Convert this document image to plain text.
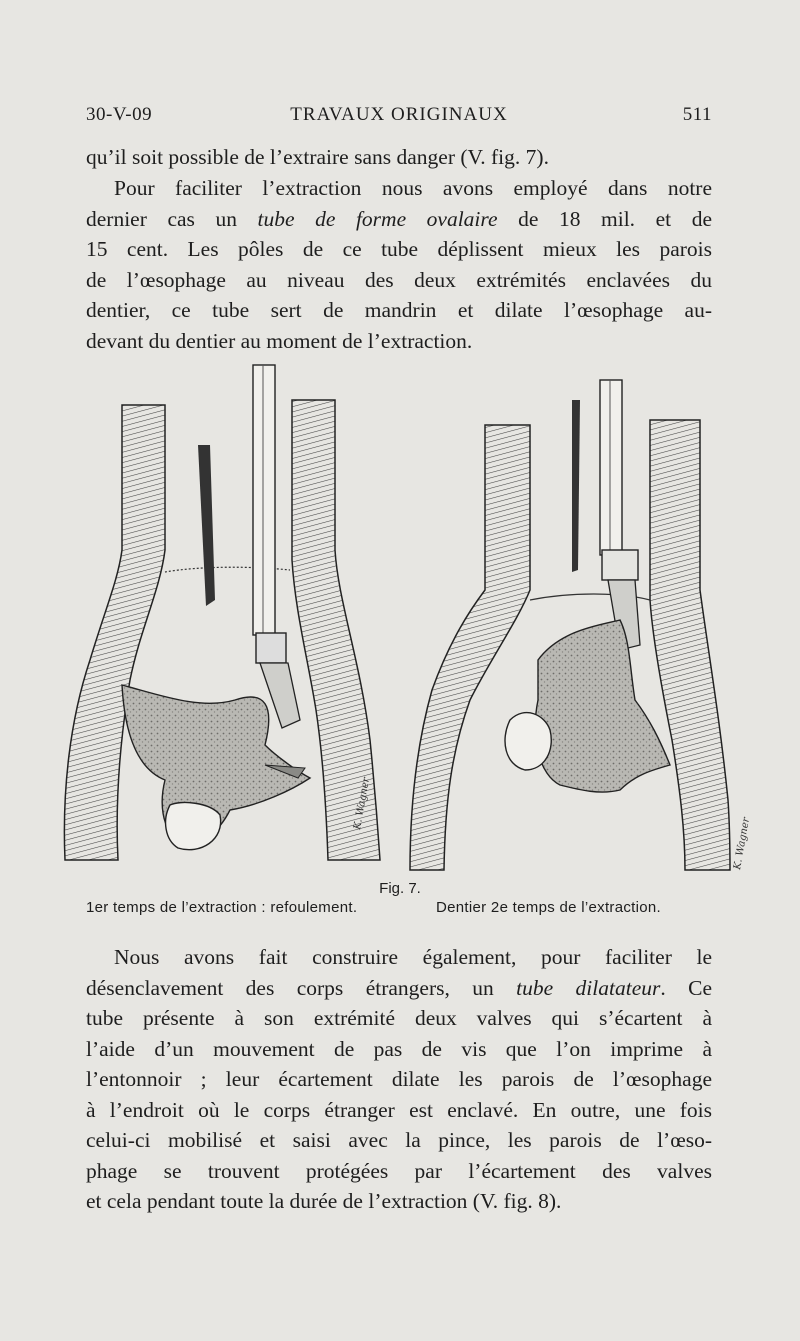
30-V-09	TRAVAUX ORIGINAUX	511
qu’il soit possible de l’extraire sans danger (V. fig. 7).
Pour faciliter l’extraction nous avons employé dans notre
dernier cas un tube de forme ovalaire de 18 mil. et de
15 cent. Les pôles de ce tube déplissent mieux les parois
de l’œsophage au niveau des deux extrémités enclavées du
dentier, ce tube sert de mandrin et dilate l’œsophage au-
devant du dentier au moment de l’extraction.
K. Wagner
K. Wagner
Fig. 7.
1er temps de l’extraction : refoulement.	Dentier 2e temps de l’extraction.
Nous avons fait construire également, pour faciliter le
désenclavement des corps étrangers, un tube dilatateur. Ce
tube présente à son extrémité deux valves qui s’écartent à
l’aide d’un mouvement de pas de vis que l’on imprime à
l’entonnoir ; leur écartement dilate les parois de l’œsophage
à l’endroit où le corps étranger est enclavé. En outre, une fois
celui-ci mobilisé et saisi avec la pince, les parois de l’œso-
phage se trouvent protégées par l’écartement des valves
et cela pendant toute la durée de l’extraction (V. fig. 8).
